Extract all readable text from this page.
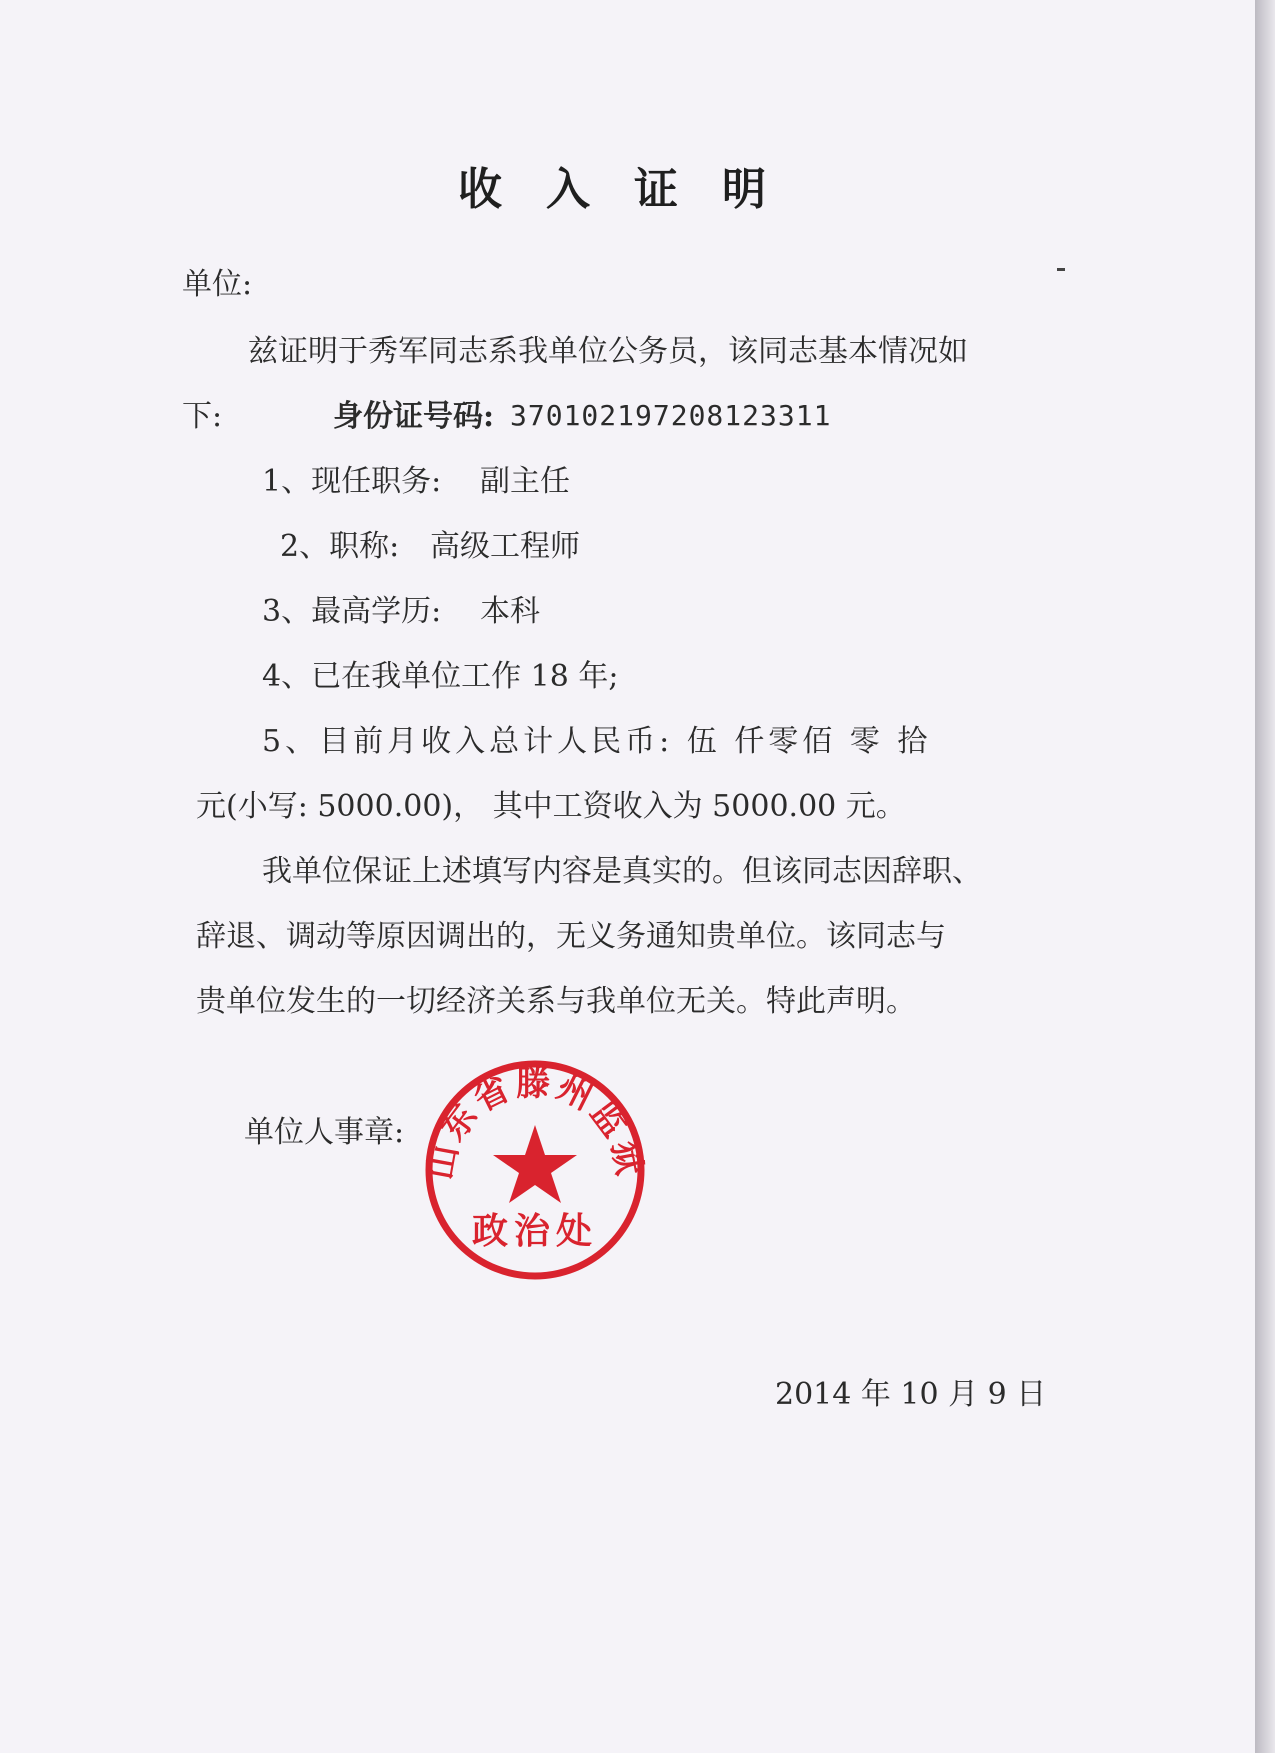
收入证明
单位:
兹证明于秀军同志系我单位公务员，该同志基本情况如
下:	身份证号码: 370102197208123311
1、现任职务: 副主任
2、职称: 高级工程师
3、最高学历: 本科
4、已在我单位工作 18 年;
5、目前月收入总计人民币: 伍 仟零佰 零 拾
元(小写: 5000.00)， 其中工资收入为 5000.00 元。
我单位保证上述填写内容是真实的。但该同志因辞职、
辞退、调动等原因调出的，无义务通知贵单位。该同志与
贵单位发生的一切经济关系与我单位无关。特此声明。
单位人事章:
山东省滕州监狱
政治处
2014 年 10 月 9 日
